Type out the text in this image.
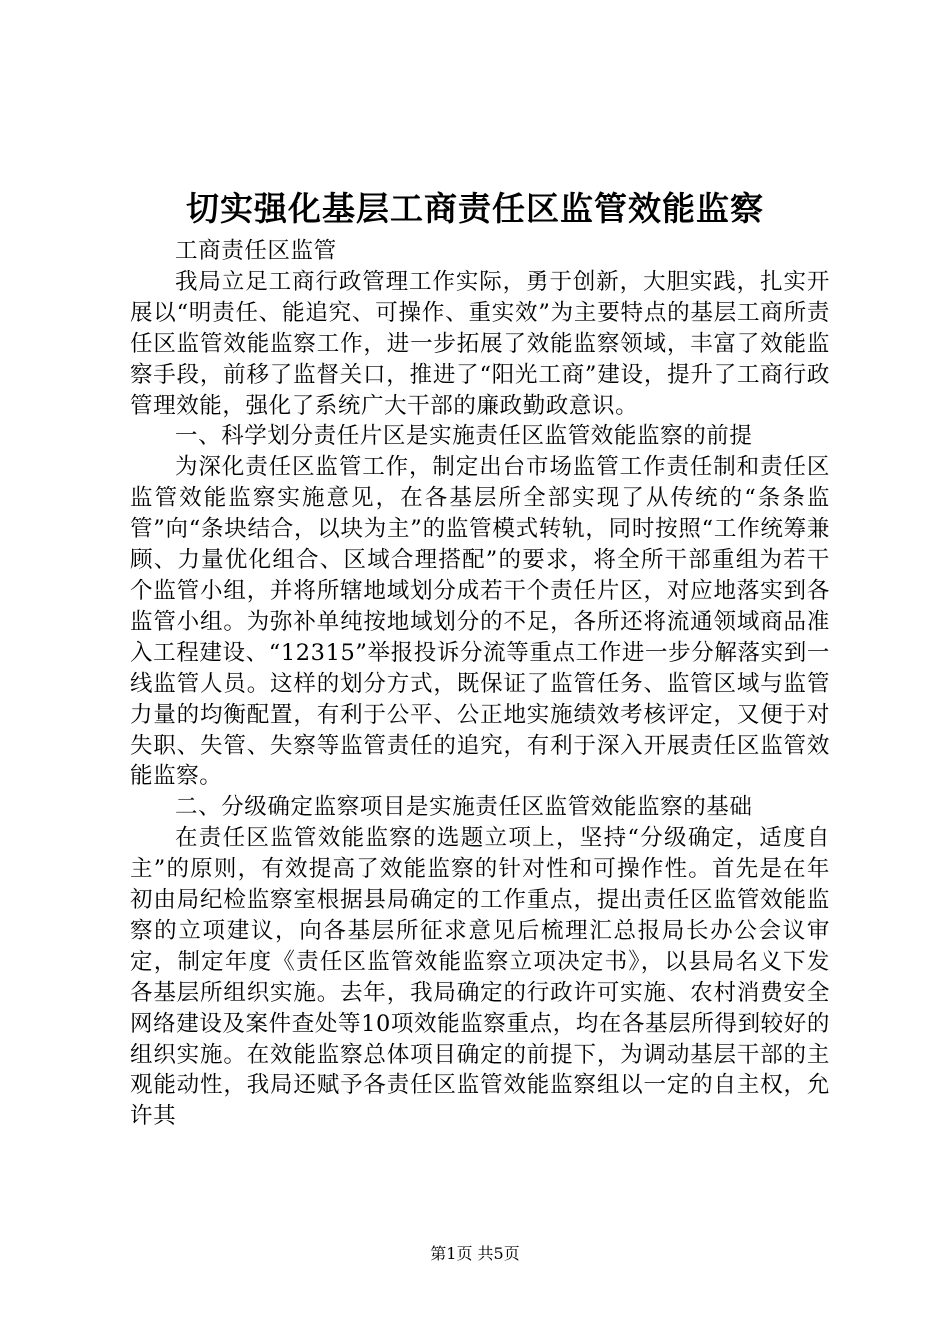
切实强化基层工商责任区监管效能监察

工商责任区监管

我局立足工商行政管理工作实际，勇于创新，大胆实践，扎实开展以“明责任、能追究、可操作、重实效”为主要特点的基层工商所责任区监管效能监察工作，进一步拓展了效能监察领域，丰富了效能监察手段，前移了监督关口，推进了“阳光工商”建设，提升了工商行政管理效能，强化了系统广大干部的廉政勤政意识。

一、科学划分责任片区是实施责任区监管效能监察的前提

为深化责任区监管工作，制定出台市场监管工作责任制和责任区监管效能监察实施意见，在各基层所全部实现了从传统的“条条监管”向“条块结合，以块为主”的监管模式转轨，同时按照“工作统筹兼顾、力量优化组合、区域合理搭配”的要求，将全所干部重组为若干个监管小组，并将所辖地域划分成若干个责任片区，对应地落实到各监管小组。为弥补单纯按地域划分的不足，各所还将流通领域商品准入工程建设、“12315”举报投诉分流等重点工作进一步分解落实到一线监管人员。这样的划分方式，既保证了监管任务、监管区域与监管力量的均衡配置，有利于公平、公正地实施绩效考核评定，又便于对失职、失管、失察等监管责任的追究，有利于深入开展责任区监管效能监察。

二、分级确定监察项目是实施责任区监管效能监察的基础

在责任区监管效能监察的选题立项上，坚持“分级确定，适度自主”的原则，有效提高了效能监察的针对性和可操作性。首先是在年初由局纪检监察室根据县局确定的工作重点，提出责任区监管效能监察的立项建议，向各基层所征求意见后梳理汇总报局长办公会议审定，制定年度《责任区监管效能监察立项决定书》，以县局名义下发各基层所组织实施。去年，我局确定的行政许可实施、农村消费安全网络建设及案件查处等10项效能监察重点，均在各基层所得到较好的组织实施。在效能监察总体项目确定的前提下，为调动基层干部的主观能动性，我局还赋予各责任区监管效能监察组以一定的自主权，允许其

第1页 共5页
